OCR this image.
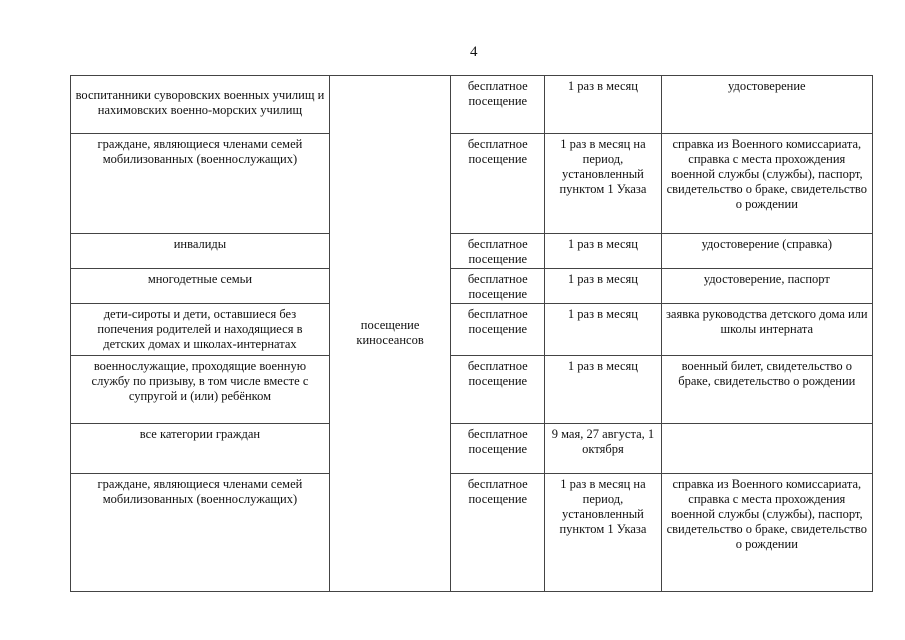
4
воспитанники суворовских военных училищ и нахимовских военно-морских училищ	посещение киносеансов	бесплатное посещение	1 раз в месяц	удостоверение

граждане, являющиеся членами семей мобилизованных (военнослужащих)		бесплатное посещение	1 раз в месяц на период, установленный пунктом 1 Указа	справка из Военного комиссариата, справка с места прохождения военной службы (службы), паспорт, свидетельство о браке, свидетельство о рождении

инвалиды		бесплатное посещение	1 раз в месяц	удостоверение (справка)

многодетные семьи		бесплатное посещение	1 раз в месяц	удостоверение, паспорт

дети-сироты и дети, оставшиеся без попечения родителей и находящиеся в детских домах и школах-интернатах		бесплатное посещение	1 раз в месяц	заявка руководства детского дома или школы интерната

военнослужащие, проходящие военную службу по призыву, в том числе вместе с супругой и (или) ребёнком		бесплатное посещение	1 раз в месяц	военный билет, свидетельство о браке, свидетельство о рождении

все категории граждан		бесплатное посещение	9 мая, 27 августа, 1 октября	

граждане, являющиеся членами семей мобилизованных (военнослужащих)		бесплатное посещение	1 раз в месяц на период, установленный пунктом 1 Указа	справка из Военного комиссариата, справка с места прохождения военной службы (службы), паспорт, свидетельство о браке, свидетельство о рождении
